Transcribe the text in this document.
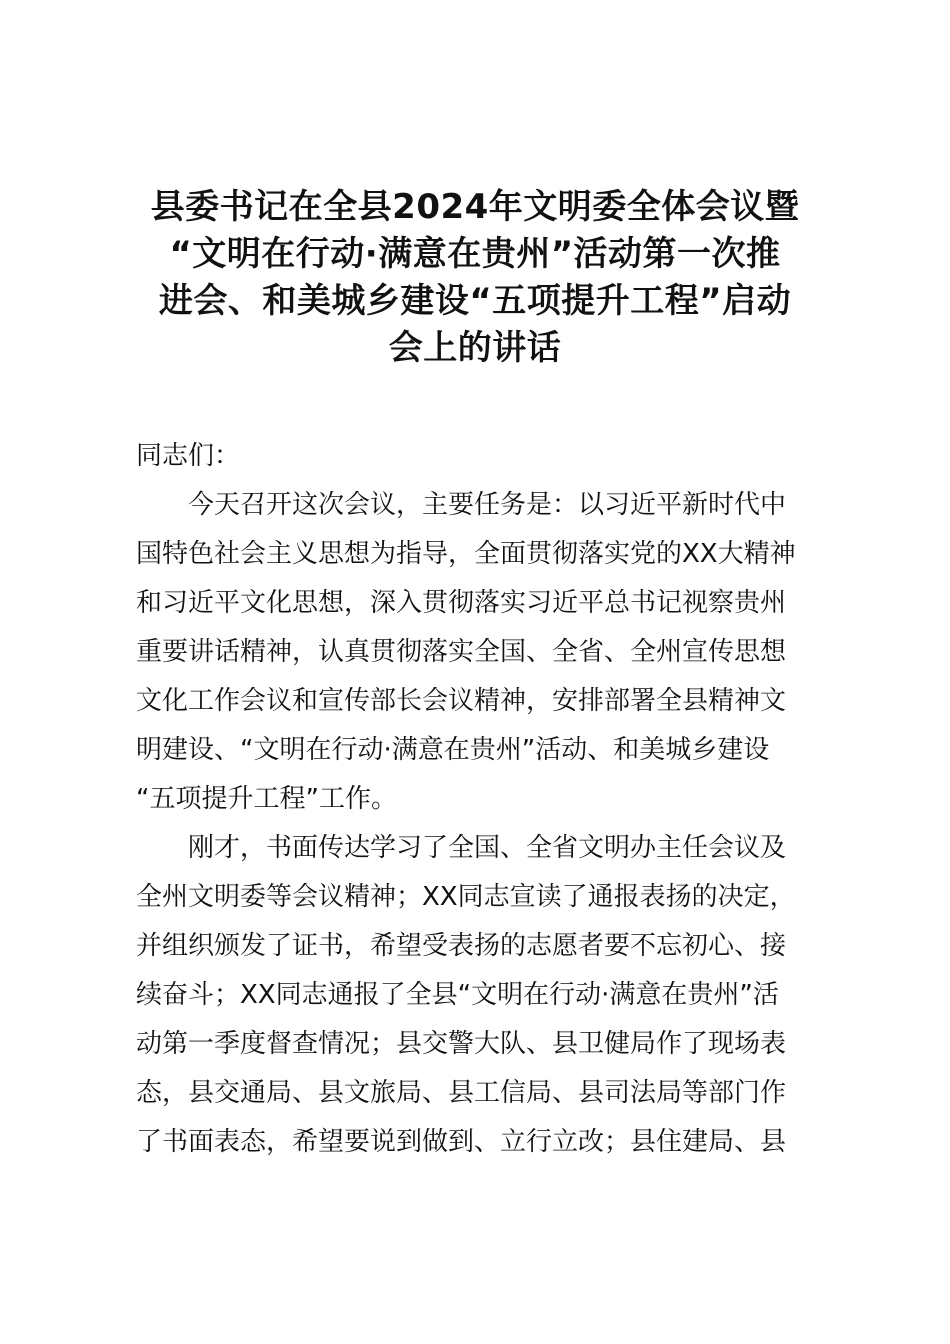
县委书记在全县2024年文明委全体会议暨
“文明在行动·满意在贵州”活动第一次推
进会、和美城乡建设“五项提升工程”启动
会上的讲话
同志们：
今天召开这次会议，主要任务是：以习近平新时代中
国特色社会主义思想为指导，全面贯彻落实党的XX大精神
和习近平文化思想，深入贯彻落实习近平总书记视察贵州
重要讲话精神，认真贯彻落实全国、全省、全州宣传思想
文化工作会议和宣传部长会议精神，安排部署全县精神文
明建设、“文明在行动·满意在贵州”活动、和美城乡建设
“五项提升工程”工作。
刚才，书面传达学习了全国、全省文明办主任会议及
全州文明委等会议精神；XX同志宣读了通报表扬的决定，
并组织颁发了证书，希望受表扬的志愿者要不忘初心、接
续奋斗；XX同志通报了全县“文明在行动·满意在贵州”活
动第一季度督查情况；县交警大队、县卫健局作了现场表
态，县交通局、县文旅局、县工信局、县司法局等部门作
了书面表态，希望要说到做到、立行立改；县住建局、县
